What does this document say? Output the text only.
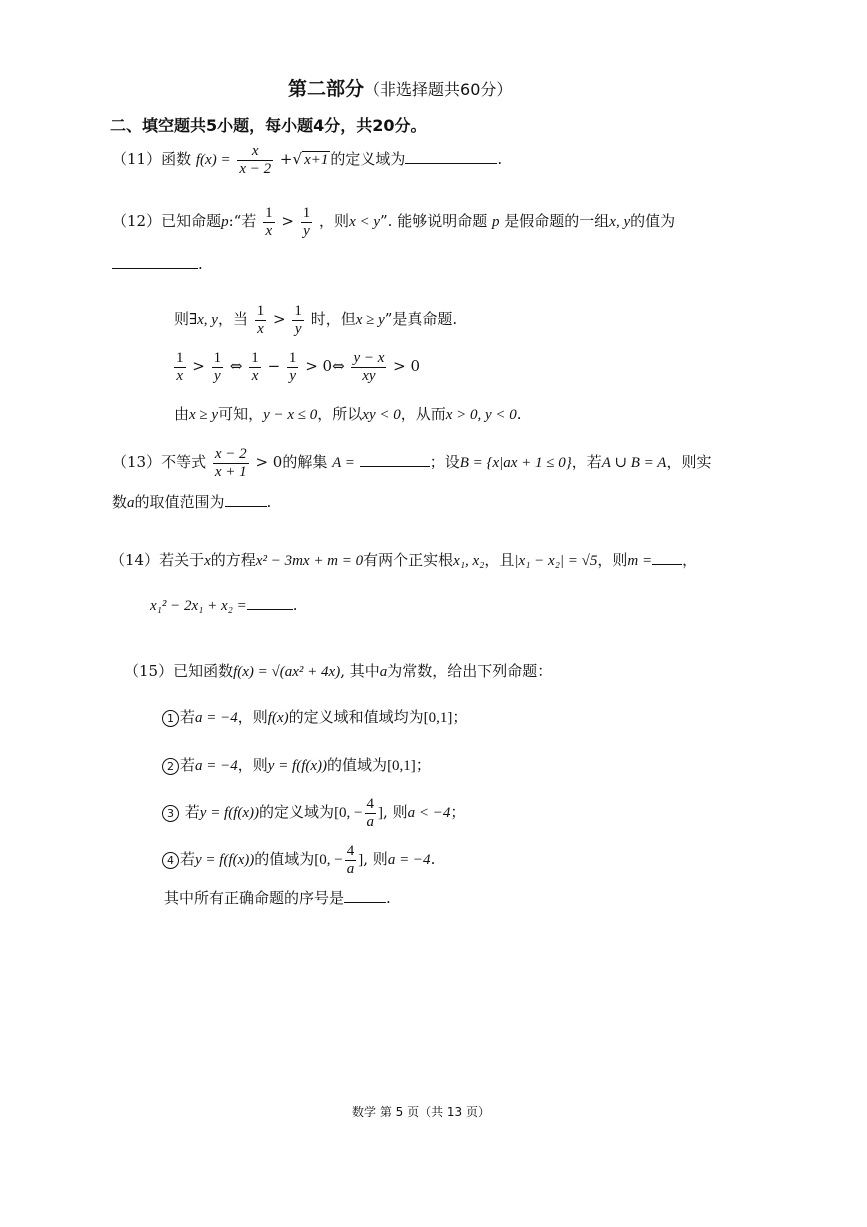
第二部分（非选择题共60分）
二、填空题共5小题，每小题4分，共20分。
（11）函数 $f(x) = \frac{x}{x - 2}$ +√ x+1 的定义域为	.
（12）已知命题p:“若 $\frac{1}{x} > \frac{1}{y}$ ，则x < y”. 能够说明命题 p 是假命题的一组x, y的值为
.
则∃x, y，当 $\frac{1}{x} > \frac{1}{y}$ 时，但x ≥ y”是真命题.
$\frac{1}{x} > \frac{1}{y}$ ⇔ $\frac{1}{x} - \frac{1}{y}$ > 0⇔ $\frac{y - x}{xy} > 0$
由x ≥ y可知，y − x ≤ 0，所以xy < 0，从而x > 0, y < 0.
（13）不等式 $\frac{x - 2}{x + 1} > 0$的解集 A =	；设B = {x|ax + 1 ≤ 0}，若A ∪ B = A，则实
数a的取值范围为	.
（14）若关于x的方程x² − 3mx + m = 0有两个正实根x₁, x₂，且|x₁ − x₂| = √5，则m = ，
x₁² − 2x₁ + x₂ =	.
（15）已知函数f(x) = √(ax² + 4x), 其中a为常数，给出下列命题：
1 若a = −4，则f(x)的定义域和值域均为[0,1]；
2 若a = −4，则y = f(f(x))的值域为[0,1]；
3 若y = f(f(x))的定义域为[0, − $\frac{4}{a}$ ], 则a < −4；
4 若y = f(f(x))的值域为[0, − $\frac{4}{a}$ ], 则a = −4.
其中所有正确命题的序号是	.
数学 第 5 页（共 13 页）
